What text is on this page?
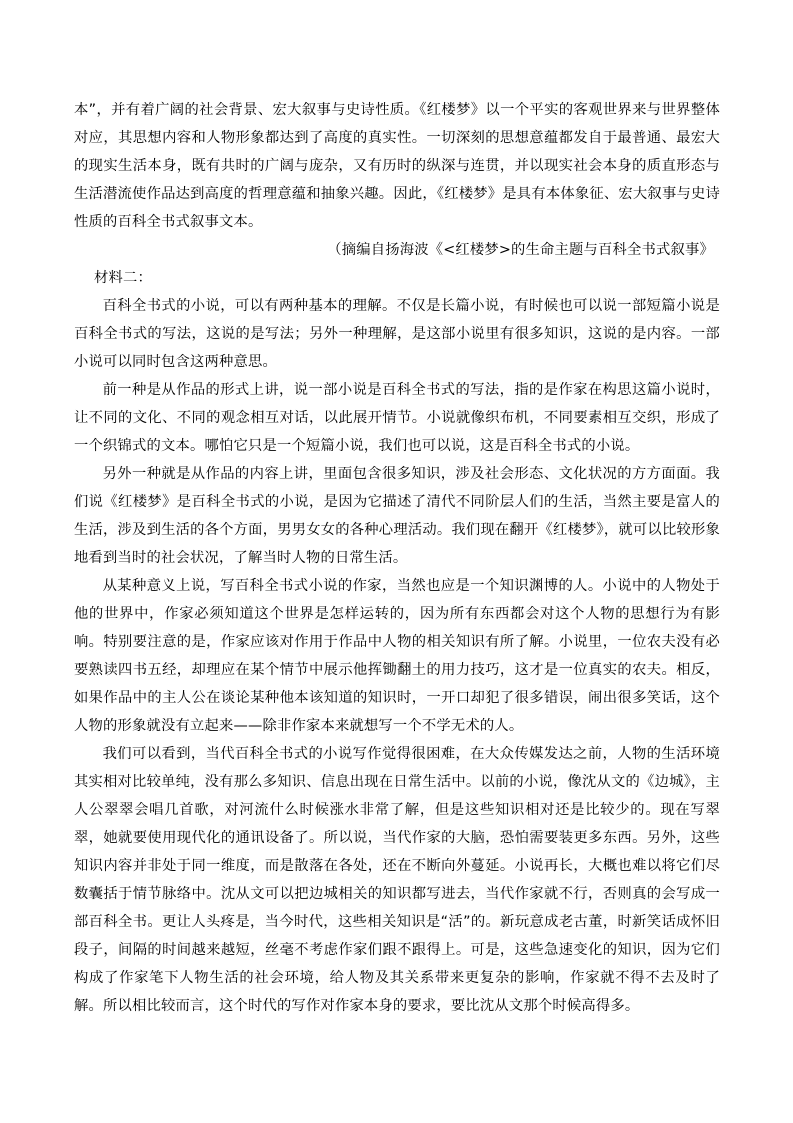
本”，并有着广阔的社会背景、宏大叙事与史诗性质。《红楼梦》以一个平实的客观世界来与世界整体对应，其思想内容和人物形象都达到了高度的真实性。一切深刻的思想意蕴都发自于最普通、最宏大的现实生活本身，既有共时的广阔与庞杂，又有历时的纵深与连贯，并以现实社会本身的质直形态与生活潜流使作品达到高度的哲理意蕴和抽象兴趣。因此，《红楼梦》是具有本体象征、宏大叙事与史诗性质的百科全书式叙事文本。

（摘编自扬海波《<红楼梦>的生命主题与百科全书式叙事》

材料二：

百科全书式的小说，可以有两种基本的理解。不仅是长篇小说，有时候也可以说一部短篇小说是百科全书式的写法，这说的是写法；另外一种理解，是这部小说里有很多知识，这说的是内容。一部小说可以同时包含这两种意思。

前一种是从作品的形式上讲，说一部小说是百科全书式的写法，指的是作家在构思这篇小说时，让不同的文化、不同的观念相互对话，以此展开情节。小说就像织布机，不同要素相互交织，形成了一个织锦式的文本。哪怕它只是一个短篇小说，我们也可以说，这是百科全书式的小说。

另外一种就是从作品的内容上讲，里面包含很多知识，涉及社会形态、文化状况的方方面面。我们说《红楼梦》是百科全书式的小说，是因为它描述了清代不同阶层人们的生活，当然主要是富人的生活，涉及到生活的各个方面，男男女女的各种心理活动。我们现在翻开《红楼梦》，就可以比较形象地看到当时的社会状况，了解当时人物的日常生活。

从某种意义上说，写百科全书式小说的作家，当然也应是一个知识渊博的人。小说中的人物处于他的世界中，作家必须知道这个世界是怎样运转的，因为所有东西都会对这个人物的思想行为有影响。特别要注意的是，作家应该对作用于作品中人物的相关知识有所了解。小说里，一位农夫没有必要熟读四书五经，却理应在某个情节中展示他挥锄翻土的用力技巧，这才是一位真实的农夫。相反，如果作品中的主人公在谈论某种他本该知道的知识时，一开口却犯了很多错误，闹出很多笑话，这个人物的形象就没有立起来——除非作家本来就想写一个不学无术的人。

我们可以看到，当代百科全书式的小说写作觉得很困难，在大众传媒发达之前，人物的生活环境其实相对比较单纯，没有那么多知识、信息出现在日常生活中。以前的小说，像沈从文的《边城》，主人公翠翠会唱几首歌，对河流什么时候涨水非常了解，但是这些知识相对还是比较少的。现在写翠翠，她就要使用现代化的通讯设备了。所以说，当代作家的大脑，恐怕需要装更多东西。另外，这些知识内容并非处于同一维度，而是散落在各处，还在不断向外蔓延。小说再长，大概也难以将它们尽数囊括于情节脉络中。沈从文可以把边城相关的知识都写进去，当代作家就不行，否则真的会写成一部百科全书。更让人头疼是，当今时代，这些相关知识是“活”的。新玩意成老古董，时新笑话成怀旧段子，间隔的时间越来越短，丝毫不考虑作家们跟不跟得上。可是，这些急速变化的知识，因为它们构成了作家笔下人物生活的社会环境，给人物及其关系带来更复杂的影响，作家就不得不去及时了解。所以相比较而言，这个时代的写作对作家本身的要求，要比沈从文那个时候高得多。
